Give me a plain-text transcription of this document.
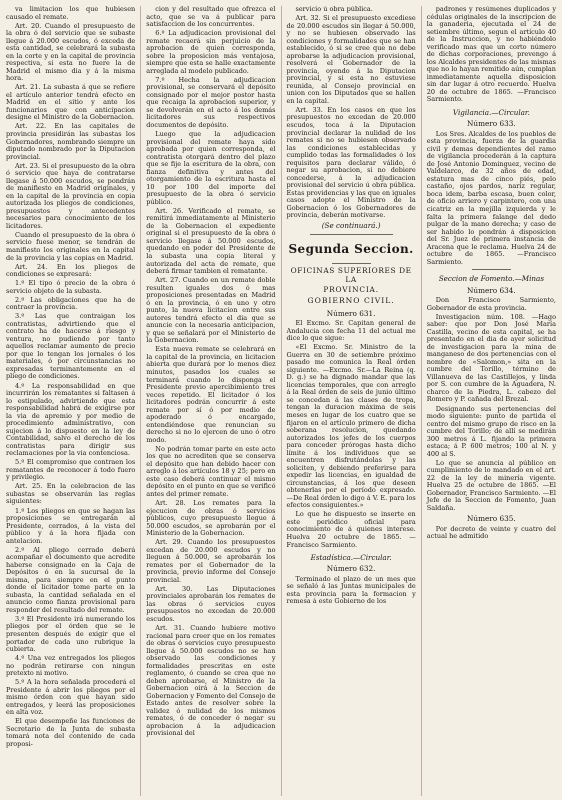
va limitacion los que hubiesen causado el remate.

Art. 20. Cuando el presupuesto de la obra ó del servicio que se subaste llegue á 20.000 escudos, ó exceda de esta cantidad, se celebrará la subasta en la corte y en la capital de provincia respectiva, si esta no fuere la de Madrid el mismo dia y á la misma hora.

Art. 21. La subasta á que se refiere el artículo anterior tendrá efecto en Madrid en el sitio y ante los funcionarios que con anticipacion designe el Ministro de la Gobernacion.

Art. 22. En las capitales de provincia presidirán las subastas los Gobernadores, nombrando siempre un diputado nombrado por la Diputacion provincial.

Art. 23. Si el presupuesto de la obra ó servicio que haya de contratarse llegase á 50.000 escudos, se pondrán de manifiesto en Madrid originales, y en la capital de la provincia en copia autorizada los pliegos de condiciones, presupuestos y antecedentes necesarios para conocimiento de los licitadores.

Cuando el presupuesto de la obra ó servicio fuese menor, se tendrán de manifiesto los originales en la capital de la provincia y las copias en Madrid.

Art. 24. En los pliegos de condiciones se expresará:

1.º El tipo ó precio de la obra ó servicio objeto de la subasta.

2.º Las obligaciones que ha de contraer la provincia.

3.º Las que contraigan los contratistas, advirtiendo que el contrato ha de hacerse á riesgo y ventura, no pudiendo por tanto aquellos reclamar aumento de precio por que lo tengan los jornales ó los materiales, ó por circunstancias no expresadas terminantemente en el pliego de condiciones.

4.º La responsabilidad en que incurrirán los rematantes si faltasen á lo estipulado, advirtiendo que esta responsabilidad habrá de exigirse por la via de apremio y por medio de procedimiento administrativo, con sujecion á lo dispuesto en la ley de Contabilidad, salvo el derecho de los contratistas para dirigir sus reclamaciones por la via contenciosa.

5.º El compromiso que contraen los rematantes de reconocer á todo fuero y privilegio.

Art. 25. En la celebracion de las subastas se observarán las reglas siguientes:

1.º Los pliegos en que se hagan las proposiciones se entregarán al Presidente, cerrados, á la vista del público y á la hora fijada con antelacion.

2.º Al pliego cerrado deberá acompañar el documento que acredite haberse consignado en la Caja de Depósitos ó en la sucursal de la misma, para siempre en el punto donde el licitador tome parte en la subasta, la cantidad señalada en el anuncio como fianza provisional para responder del resultado del remate.

3.º El Presidente irá numerando los pliegos por el órden que se le presenten después de exigir que el portador de cada uno rubrique la cubierta.

4.º Una vez entregados los pliegos no podrán retirarse con ningun pretexto ni motivo.

5.º A la hora señalada procederá el Presidente á abrir los pliegos por el mismo órden con que hayan sido entregados, y leerá las proposiciones en alta voz.

El que desempeñe las funciones de Secretario de la Junta de subasta tomará nota del contenido de cada proposi-

cion y del resultado que ofrezca el acto, que se va á publicar para satisfaccion de los concurrentes.

6.º La adjudicacion provisional del remate recaerá sin perjuicio de la aprobacion de quien corresponda, sobre la proposicion más ventajosa, siempre que esta se halle exactamente arreglada al modelo publicado.

7.º Hecha la adjudicacion provisional, se conservará el depósito consignado por el mejor postor hasta que recaiga la aprobacion superior, y se devolverán en el acto á los demás licitadores sus respectivos documentos de depósito.

Luego que la adjudicacion provisional del remate haya sido aprobada por quien corresponda, el contratista otorgará dentro del plazo que se fije la escritura de la obra, con fianza definitiva y antes del otorgamiento de la escritura hasta el 10 por 100 del importe del presupuesto de la obra ó servicio público.

Art. 26. Verificado el remate, se remitirá inmediatamente al Ministerio de la Gobernacion el expediente original si el presupuesto de la obra ó servicio llegase á 50.000 escudos, quedando en poder del Presidente de la subasta una copia literal y autorizada del acta de remate, que deberá firmar tambien el rematante.

Art. 27. Cuando en un remate doble resulten iguales dos ó mas proposiciones presentadas en Madrid ó en la provincia, ó en uno y otro punto, la nueva licitacion entre sus autores tendrá efecto el dia que se anuncie con la necesaria anticipacion, y que se señalará por el Ministerio de la Gobernacion.

Esta nueva remate se celebrará en la capital de la provincia, en licitacion abierta que durará por lo menos diez minutos, pasados los cuales se terminará cuando lo disponga el Presidente previo apercibimiento tres veces repetido. El licitador ó los licitadores podrán concurrir á este remate por sí ó por medio de apoderado ó encargado, entendiéndose que renuncian su derecho si no lo ejercen de uno ó otro modo.

No podrán tomar parte en este acto los que no acrediten que se conserva el depósito que han debido hacer con arreglo á los artículos 18 y 25; pero en este caso deberá continuar el mismo depósito en el punto en que se verificó antes del primer remate.

Art. 28. Los remates para la ejecucion de obras ó servicios públicos, cuyo presupuesto llegue á 50.000 escudos, se aprobarán por el Ministerio de la Gobernacion.

Art. 29. Cuando los presupuestos excedan de 20.000 escudos y no lleguen á 50.000, se aprobarán los remates por el Gobernador de la provincia, previo informe del Consejo provincial.

Art. 30. Las Diputaciones provinciales aprobarán los remates de las obras ó servicios cuyos presupuestos no excedan de 20.000 escudos.

Art. 31. Cuando hubiere motivo racional para creer que en los remates de obras ó servicios cuyo presupuesto llegue á 50.000 escudos no se han observado las condiciones y formalidades prescritas en este reglamento, ó cuando se crea que no deben aprobarse, el Ministro de la Gobernacion oirá á la Seccion de Gobernacion y Fomento del Consejo de Estado antes de resolver sobre la validez ó nulidad de los mismos remates, ó de conceder ó negar su aprobacion á la adjudicacion provisional del

servicio ú obra pública.

Art. 32. Si el presupuesto excediese de 20.000 escudos sin llegar á 50.000, y no se hubiesen observado las condiciones y formalidades que se han establecido, ó si se cree que no debe aprobarse la adjudicacion provisional, resolverá el Gobernador de la provincia, oyendo á la Diputacion provincial, y si esta no estuviese reunida, al Consejo provincial en union con los Diputados que se hallen en la capital.

Art. 33. En los casos en que los presupuestos no excedan de 20.000 escudos, toca á la Diputacion provincial declarar la nulidad de los remates si no se hubiesen observado las condiciones establecidas y cumplido todas las formalidades ó los requisitos para declarar válido, ó negar su aprobacion, si no debiere concederse, á la adjudicacion provisional del servicio ú obra pública. Estas providencias y las que en iguales casos adopte el Ministro de la Gobernacion ó los Gobernadores de provincia, deberán motivarse.

(Se continuará.)
Segunda Seccion.
OFICINAS SUPERIORES DE LA
PROVINCIA.
GOBIERNO CIVIL.
Número 631.

El Excmo. Sr. Capitan general de Andalucia con fecha 11 del actual me dice lo que sigue:

«El Excmo. Sr. Ministro de la Guerra en 30 de setiembre próximo pasado me comunica la Real órden siguiente. —Excmo. Sr.—La Reina (q. D. g.) se ha dignado mandar que las licencias temporales, que con arreglo á la Real órden de seis de junio último se concedan á las clases de tropa, tengan la duracion máxima de seis meses en lugar de los cuatro que se fijaron en el artículo primero de dicha soberana resolucion, quedando autorizados los jefes de los cuerpos para conceder prórogas hasta dicho límite á los individuos que se encuentren disfrutándolas y las soliciten, y debiendo preferirse para expedir las licencias, en igualdad de circunstancias, á los que deseen obtenerlas por el período expresado. —De Real órden lo digo á V. E. para los efectos consiguientes.»

Lo que he dispuesto se inserte en este periódico oficial para conocimiento de á quienes interese. Huelva 20 octubre de 1865. —Francisco Sarmiento.

Estadística.—Circular.
Número 632.

Terminado el plazo de un mes que se señaló á las Juntas municipales de esta provincia para la formacion y remesa á este Gobierno de los

padrones y resúmenes duplicados y cédulas originales de la inscripcion de la ganaderia, ejecutada el 24 de setiembre último, segun el artículo 40 de la Instruccion, y no habiéndolo verificado mas que un corto número de dichas corporaciones, prevengo á los Alcaldes presidentes de las mismas que no lo hayan remitido aún, cumplan inmediatamente aquella disposicion sin dar lugar á otro recuerdo. Huelva 20 de octubre de 1865. —Francisco Sarmiento.

Vigilancia.—Circular.
Número 633.

Los Sres. Alcaldes de los pueblos de esta provincia, fuerza de la guardia civil y demas dependientes del ramo de vigilancia procederán á la captura de José Antonio Dominguez, vecino de Valdelarco, de 32 años de edad, estatura mas de cinco piés, pelo castaño, ojos pardos, nariz regular, boca idem, barba escasa, buen color, de oficio arriero y carpintero, con una cicatriz en la mejilla izquierda y le falta la primera falange del dedo pulgar de la mano derecha; y caso de ser habido lo pondrán á disposicion del Sr. Juez de primera instancia de Aracena que le reclama. Huelva 24 de octubre de 1865. —Francisco Sarmiento.

Seccion de Fomento.—Minas
Número 634.

Don Francisco Sarmiento, Gobernador de esta provincia.

Investigacion núm. 108. —Hago saber: que por Don José María Castilla, vecino de esta capital, se ha presentado en el dia de ayer solicitud de investigacion para la mina de manganeso de dos pertenencias con el nombre de «Salomon,» sita en la cumbre del Torillo, término de Villanueva de las Castillejos, y linda por S. con cumbre de la Aguadera, N. charco de la Piedra, L. cabezo del Romero y P. cañada del Brezal.

Designando sus pertenencias del modo siguiente: punto de partida el centro del mismo grupo de risco en la cumbre del Torillo; de allí se medirán 300 metros á L. fijando la primera estaca; á P. 600 metros; 100 al N. y 400 al S.

Lo que se anuncia al público en cumplimiento de lo mandado en el art. 22 de la ley de minería vigente. Huelva 25 de octubre de 1865. —El Gobernador, Francisco Sarmiento. —El Jefe de la Seccion de Fomento, Juan Saldaña.

Número 635.

Por decreto de veinte y cuatro del actual he admitido
